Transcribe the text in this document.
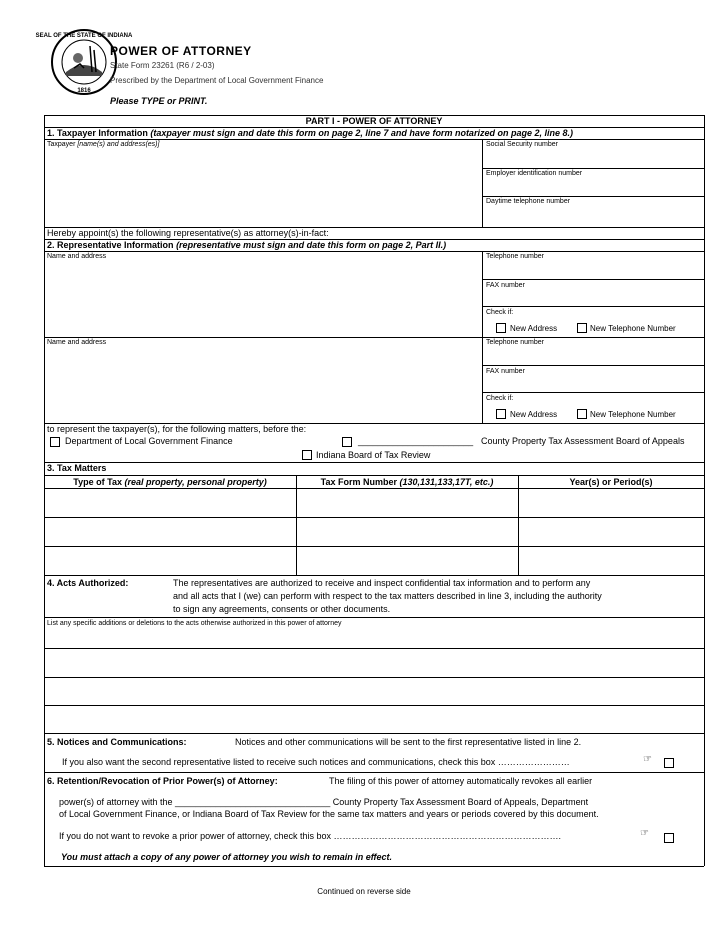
SEAL OF THE STATE OF INDIANA
1816
POWER OF ATTORNEY
State Form 23261 (R6 / 2-03)
Prescribed by the Department of Local Government Finance
Please TYPE or PRINT.
PART I - POWER OF ATTORNEY
1. Taxpayer Information (taxpayer must sign and date this form on page 2, line 7 and have form notarized on page 2, line 8.)
Taxpayer [name(s) and address(es)]	Social Security number
Employer identification number
Daytime telephone number
Hereby appoint(s) the following representative(s) as attorney(s)-in-fact:
2. Representative Information (representative must sign and date this form on page 2, Part II.)
Name and address	Telephone number
FAX number
Check if:
New Address	New Telephone Number
Name and address	Telephone number
FAX number
Check if:
New Address	New Telephone Number
to represent the taxpayer(s), for the following matters, before the:
Department of Local Government Finance	_______________________ County Property Tax Assessment Board of Appeals
Indiana Board of Tax Review
3. Tax Matters
Type of Tax (real property, personal property)	Tax Form Number (130,131,133,17T, etc.)	Year(s) or Period(s)
4. Acts Authorized:	The representatives are authorized to receive and inspect confidential tax information and to perform any
and all acts that I (we) can perform with respect to the tax matters described in line 3, including the authority
to sign any agreements, consents or other documents.
List any specific additions or deletions to the acts otherwise authorized in this power of attorney
5. Notices and Communications:	Notices and other communications will be sent to the first representative listed in line 2.
If you also want the second representative listed to receive such notices and communications, check this box ……………………	☞
6. Retention/Revocation of Prior Power(s) of Attorney:	The filing of this power of attorney automatically revokes all earlier
power(s) of attorney with the _______________________________ County Property Tax Assessment Board of Appeals, Department
of Local Government Finance, or Indiana Board of Tax Review for the same tax matters and years or periods covered by this document.
If you do not want to revoke a prior power of attorney, check this box ………………………………………………………………….	☞
You must attach a copy of any power of attorney you wish to remain in effect.
Continued on reverse side
